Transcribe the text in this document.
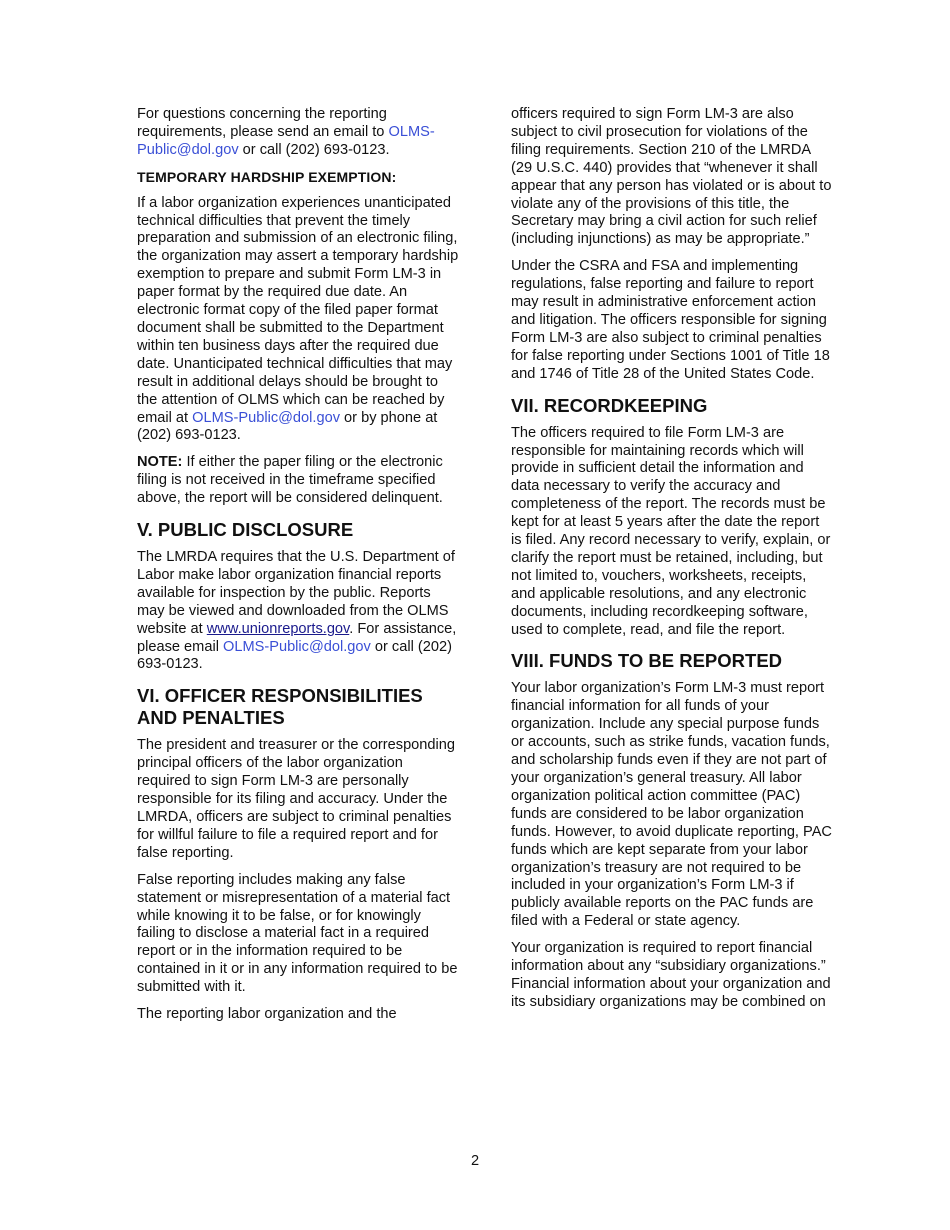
For questions concerning the reporting requirements, please send an email to OLMS-Public@dol.gov or call (202) 693-0123.

TEMPORARY HARDSHIP EXEMPTION:

If a labor organization experiences unanticipated technical difficulties that prevent the timely preparation and submission of an electronic filing, the organization may assert a temporary hardship exemption to prepare and submit Form LM-3 in paper format by the required due date. An electronic format copy of the filed paper format document shall be submitted to the Department within ten business days after the required due date. Unanticipated technical difficulties that may result in additional delays should be brought to the attention of OLMS which can be reached by email at OLMS-Public@dol.gov or by phone at (202) 693-0123.

NOTE: If either the paper filing or the electronic filing is not received in the timeframe specified above, the report will be considered delinquent.

V. PUBLIC DISCLOSURE

The LMRDA requires that the U.S. Department of Labor make labor organization financial reports available for inspection by the public. Reports may be viewed and downloaded from the OLMS website at www.unionreports.gov. For assistance, please email OLMS-Public@dol.gov or call (202) 693-0123.

VI. OFFICER RESPONSIBILITIES AND PENALTIES

The president and treasurer or the corresponding principal officers of the labor organization required to sign Form LM-3 are personally responsible for its filing and accuracy. Under the LMRDA, officers are subject to criminal penalties for willful failure to file a required report and for false reporting.

False reporting includes making any false statement or misrepresentation of a material fact while knowing it to be false, or for knowingly failing to disclose a material fact in a required report or in the information required to be contained in it or in any information required to be submitted with it.

The reporting labor organization and the

officers required to sign Form LM-3 are also subject to civil prosecution for violations of the filing requirements. Section 210 of the LMRDA (29 U.S.C. 440) provides that “whenever it shall appear that any person has violated or is about to violate any of the provisions of this title, the Secretary may bring a civil action for such relief (including injunctions) as may be appropriate.”

Under the CSRA and FSA and implementing regulations, false reporting and failure to report may result in administrative enforcement action and litigation. The officers responsible for signing Form LM-3 are also subject to criminal penalties for false reporting under Sections 1001 of Title 18 and 1746 of Title 28 of the United States Code.

VII. RECORDKEEPING

The officers required to file Form LM-3 are responsible for maintaining records which will provide in sufficient detail the information and data necessary to verify the accuracy and completeness of the report. The records must be kept for at least 5 years after the date the report is filed. Any record necessary to verify, explain, or clarify the report must be retained, including, but not limited to, vouchers, worksheets, receipts, and applicable resolutions, and any electronic documents, including recordkeeping software, used to complete, read, and file the report.

VIII. FUNDS TO BE REPORTED

Your labor organization’s Form LM-3 must report financial information for all funds of your organization. Include any special purpose funds or accounts, such as strike funds, vacation funds, and scholarship funds even if they are not part of your organization’s general treasury. All labor organization political action committee (PAC) funds are considered to be labor organization funds. However, to avoid duplicate reporting, PAC funds which are kept separate from your labor organization’s treasury are not required to be included in your organization’s Form LM-3 if publicly available reports on the PAC funds are filed with a Federal or state agency.

Your organization is required to report financial information about any “subsidiary organizations.” Financial information about your organization and its subsidiary organizations may be combined on

2
